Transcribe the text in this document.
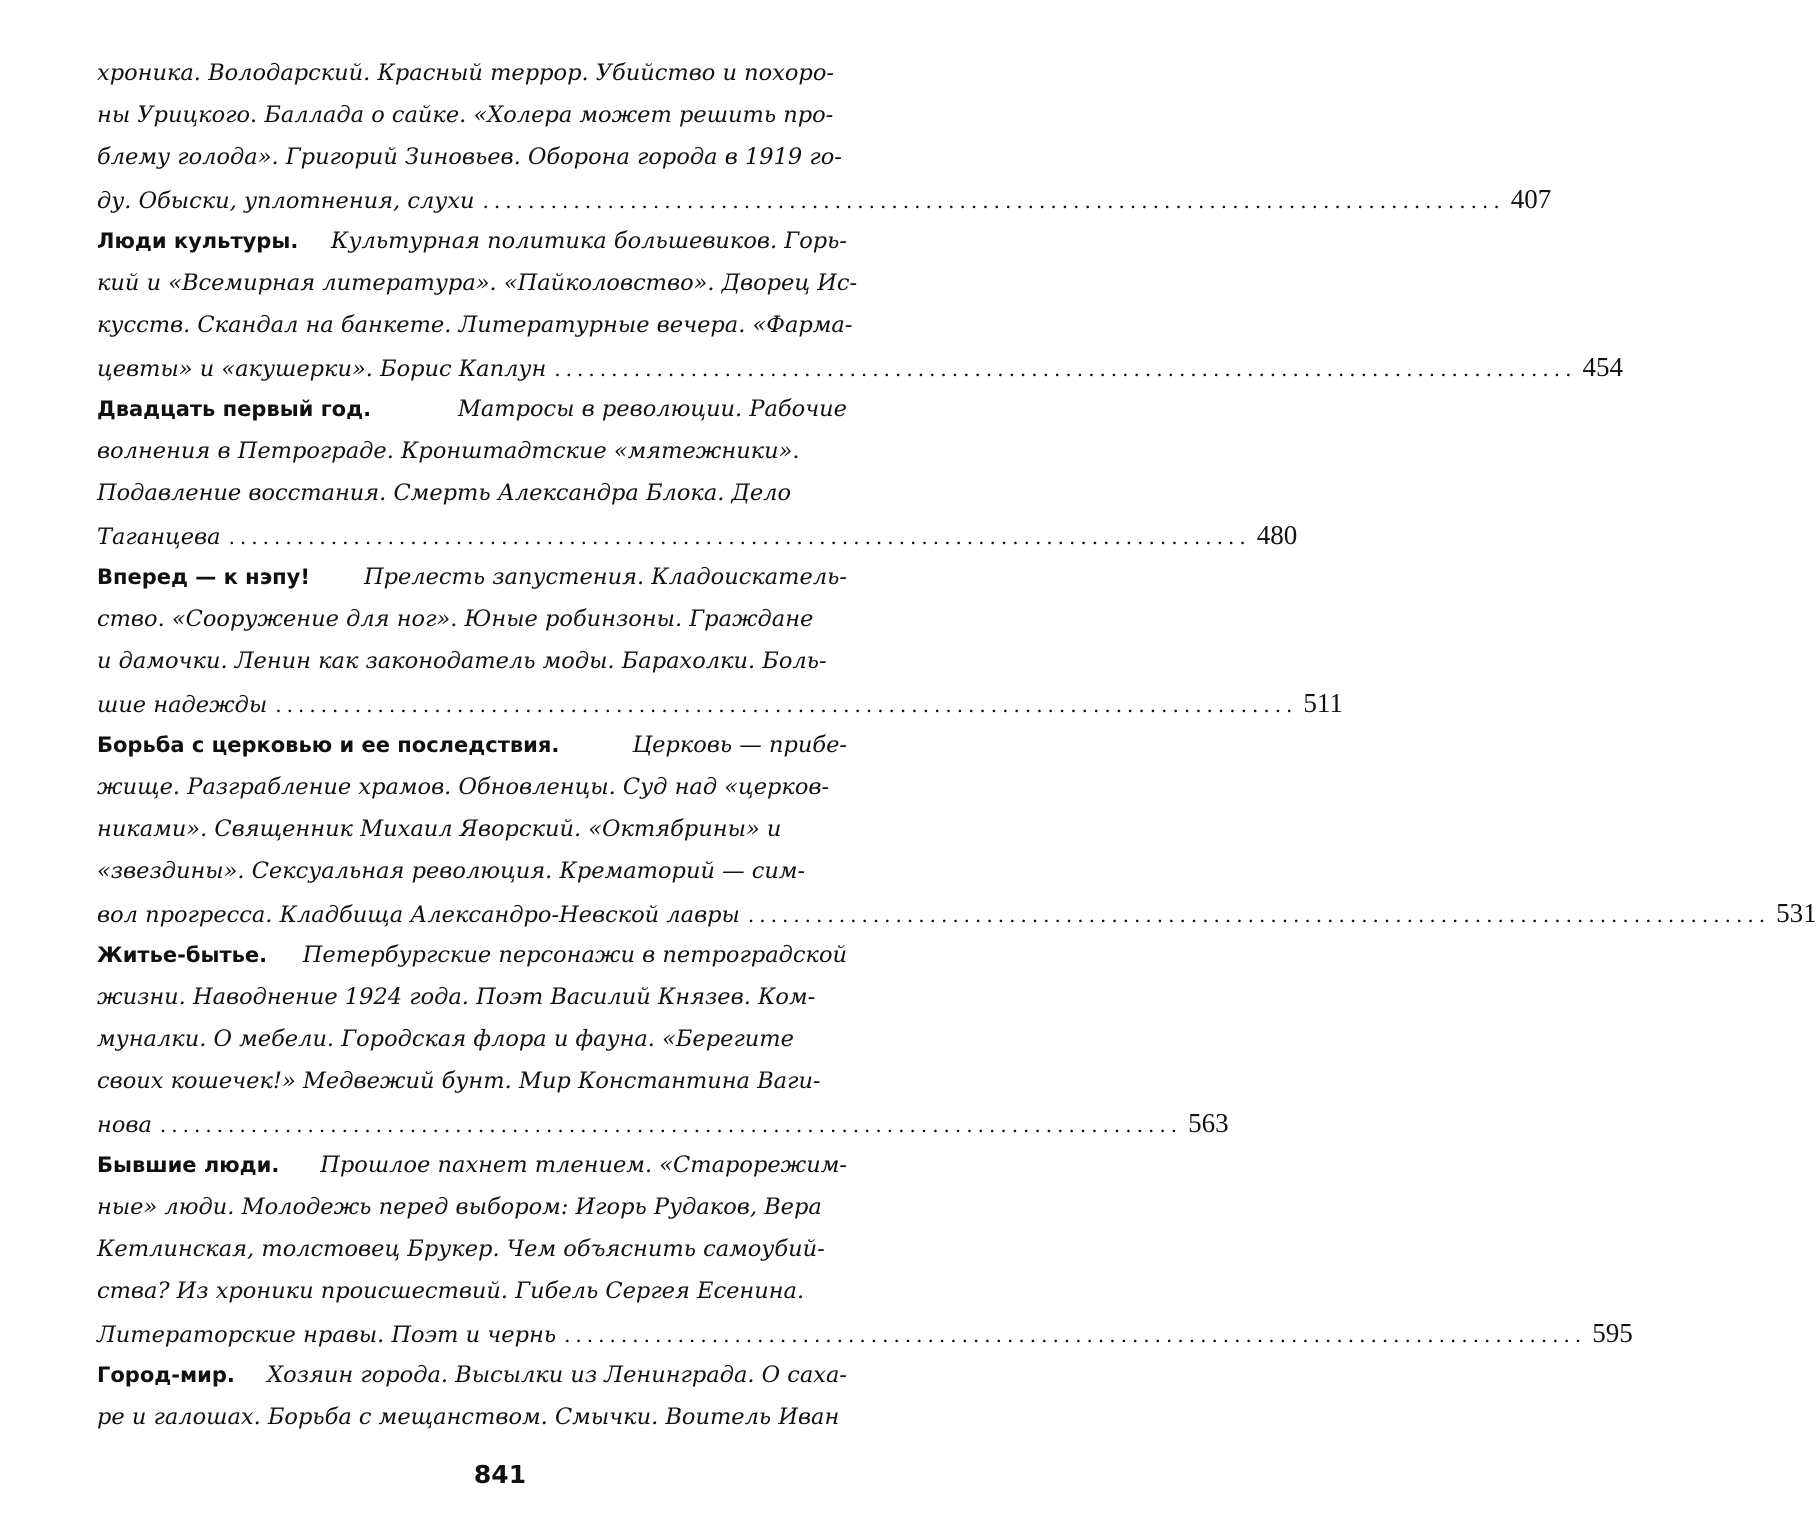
хроника. Володарский. Красный террор. Убийство и похоро-
ны Урицкого. Баллада о сайке. «Холера может решить про-
блему голода». Григорий Зиновьев. Оборона города в 1919 го-
ду. Обыски, уплотнения, слухи .......................................................................................... 407
Люди культуры. Культурная политика большевиков. Горь-
кий и «Всемирная литература». «Пайколовство». Дворец Ис-
кусств. Скандал на банкете. Литературные вечера. «Фарма-
цевты» и «акушерки». Борис Каплун .......................................................................................... 454
Двадцать первый год.	Матросы в революции. Рабочие
волнения в Петрограде. Кронштадтские «мятежники».
Подавление восстания. Смерть Александра Блока. Дело
Таганцева .......................................................................................... 480
Вперед — к нэпу! Прелесть запустения. Кладоискатель-
ство. «Сооружение для ног». Юные робинзоны. Граждане
и дамочки. Ленин как законодатель моды. Барахолки. Боль-
шие надежды .......................................................................................... 511
Борьба с церковью и ее последствия.	Церковь — прибе-
жище. Разграбление храмов. Обновленцы. Суд над «церков-
никами». Священник Михаил Яворский. «Октябрины» и
«звездины». Сексуальная революция. Крематорий — сим-
вол прогресса. Кладбища Александро-Невской лавры .......................................................................................... 531
Житье-бытье. Петербургские персонажи в петроградской
жизни. Наводнение 1924 года. Поэт Василий Князев. Ком-
муналки. О мебели. Городская флора и фауна. «Берегите
своих кошечек!» Медвежий бунт. Мир Константина Ваги-
нова .......................................................................................... 563
Бывшие люди. Прошлое пахнет тлением. «Старорежим-
ные» люди. Молодежь перед выбором: Игорь Рудаков, Вера
Кетлинская, толстовец Брукер. Чем объяснить самоубий-
ства? Из хроники происшествий. Гибель Сергея Есенина.
Литераторские нравы. Поэт и чернь .......................................................................................... 595
Город-мир. Хозяин города. Высылки из Ленинграда. О саха-
ре и галошах. Борьба с мещанством. Смычки. Воитель Иван
841
